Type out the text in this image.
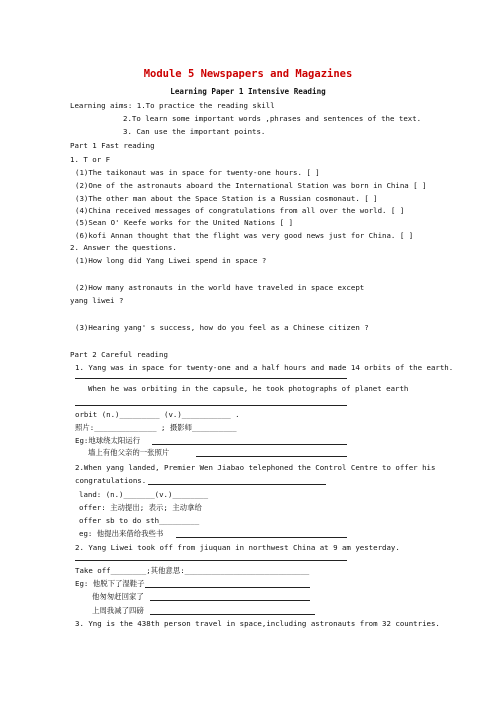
Module 5 Newspapers and Magazines
Learning Paper 1 Intensive Reading
Learning aims: 1.To practice the reading skill
2.To learn some important words ,phrases and sentences of the text.
3. Can use the important points.
Part 1 Fast reading
1. T or F
(1)The taikonaut was in space for twenty-one hours. [ ]
(2)One of the astronauts aboard the International Station was born in China [ ]
(3)The other man about the Space Station is a Russian cosmonaut. [ ]
(4)China received messages of congratulations from all over the world. [ ]
(5)Sean O' Keefe works for the United Nations [ ]
(6)kofi Annan thought that the flight was very good news just for China. [ ]
2. Answer the questions.
(1)How long did Yang Liwei spend in space ?
(2)How many astronauts in the world have traveled in space except
yang liwei ?
(3)Hearing yang' s success, how do you feel as a Chinese citizen ?
Part 2 Careful reading
1. Yang was in space for twenty-one and a half hours and made 14 orbits of the earth.
When he was orbiting in the capsule, he took photographs of planet earth
orbit (n.)_________ (v.)___________ .
照片:______________ ; 摄影师__________
Eg:地球绕太阳运行
墙上有他父亲的一张照片
2.When yang landed, Premier Wen Jiabao telephoned the Control Centre to offer his
congratulations.
land: (n.)_______(v.)________
offer: 主动提出; 表示; 主动拿给
offer sb to do sth_________
eg: 他提出来借给我些书
2. Yang Liwei took off from jiuquan in northwest China at 9 am yesterday.
Take off________;其他意思:____________________________
Eg: 他脱下了湿鞋子
他匆匆赶回家了
上周我减了四磅
3. Yng is the 438th person travel in space,including astronauts from 32 countries.
